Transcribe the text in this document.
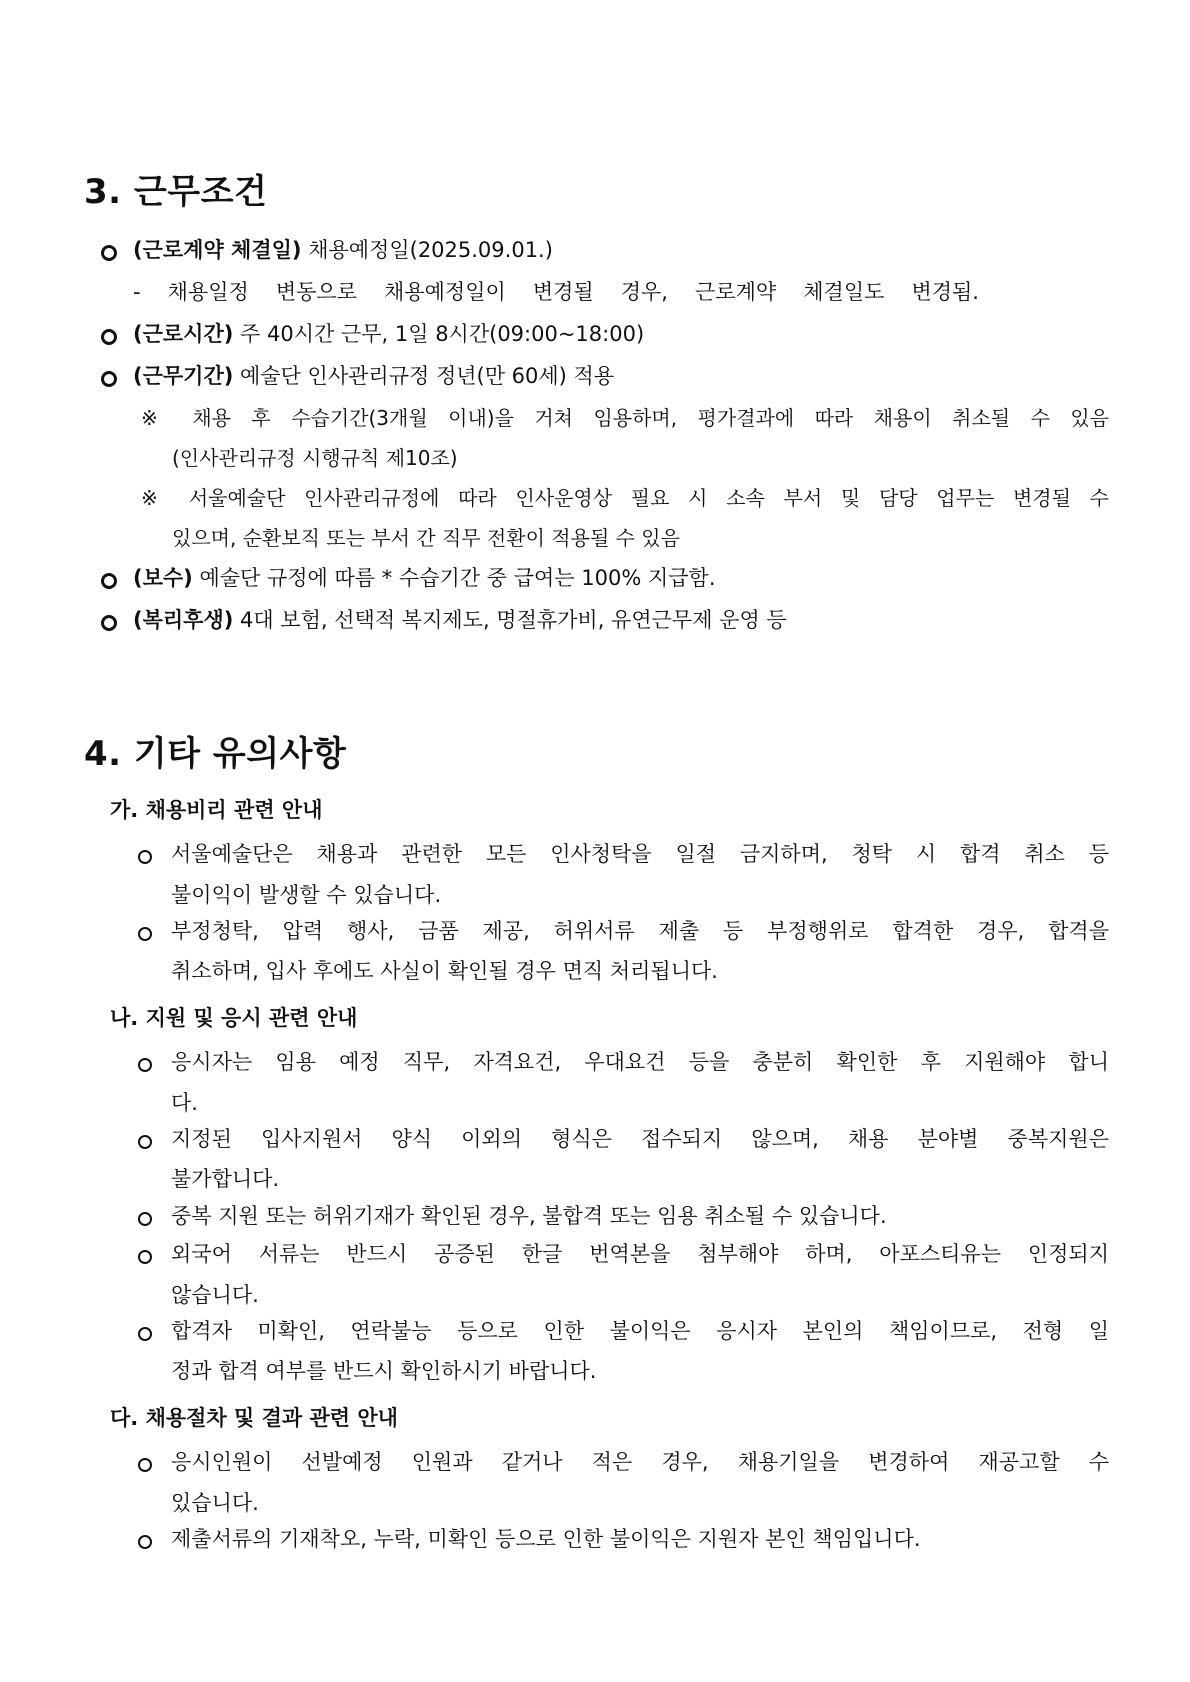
3. 근무조건
(근로계약 체결일) 채용예정일(2025.09.01.)
- 채용일정 변동으로 채용예정일이 변경될 경우, 근로계약 체결일도 변경됨.
(근로시간) 주 40시간 근무, 1일 8시간(09:00~18:00)
(근무기간) 예술단 인사관리규정 정년(만 60세) 적용
※ 채용 후 수습기간(3개월 이내)을 거쳐 임용하며, 평가결과에 따라 채용이 취소될 수 있음
(인사관리규정 시행규칙 제10조)
※ 서울예술단 인사관리규정에 따라 인사운영상 필요 시 소속 부서 및 담당 업무는 변경될 수
있으며, 순환보직 또는 부서 간 직무 전환이 적용될 수 있음
(보수) 예술단 규정에 따름 * 수습기간 중 급여는 100% 지급함.
(복리후생) 4대 보험, 선택적 복지제도, 명절휴가비, 유연근무제 운영 등
4. 기타 유의사항
가. 채용비리 관련 안내
서울예술단은 채용과 관련한 모든 인사청탁을 일절 금지하며, 청탁 시 합격 취소 등
불이익이 발생할 수 있습니다.
부정청탁, 압력 행사, 금품 제공, 허위서류 제출 등 부정행위로 합격한 경우, 합격을
취소하며, 입사 후에도 사실이 확인될 경우 면직 처리됩니다.
나. 지원 및 응시 관련 안내
응시자는 임용 예정 직무, 자격요건, 우대요건 등을 충분히 확인한 후 지원해야 합니
다.
지정된 입사지원서 양식 이외의 형식은 접수되지 않으며, 채용 분야별 중복지원은
불가합니다.
중복 지원 또는 허위기재가 확인된 경우, 불합격 또는 임용 취소될 수 있습니다.
외국어 서류는 반드시 공증된 한글 번역본을 첨부해야 하며, 아포스티유는 인정되지
않습니다.
합격자 미확인, 연락불능 등으로 인한 불이익은 응시자 본인의 책임이므로, 전형 일
정과 합격 여부를 반드시 확인하시기 바랍니다.
다. 채용절차 및 결과 관련 안내
응시인원이 선발예정 인원과 같거나 적은 경우, 채용기일을 변경하여 재공고할 수
있습니다.
제출서류의 기재착오, 누락, 미확인 등으로 인한 불이익은 지원자 본인 책임입니다.
